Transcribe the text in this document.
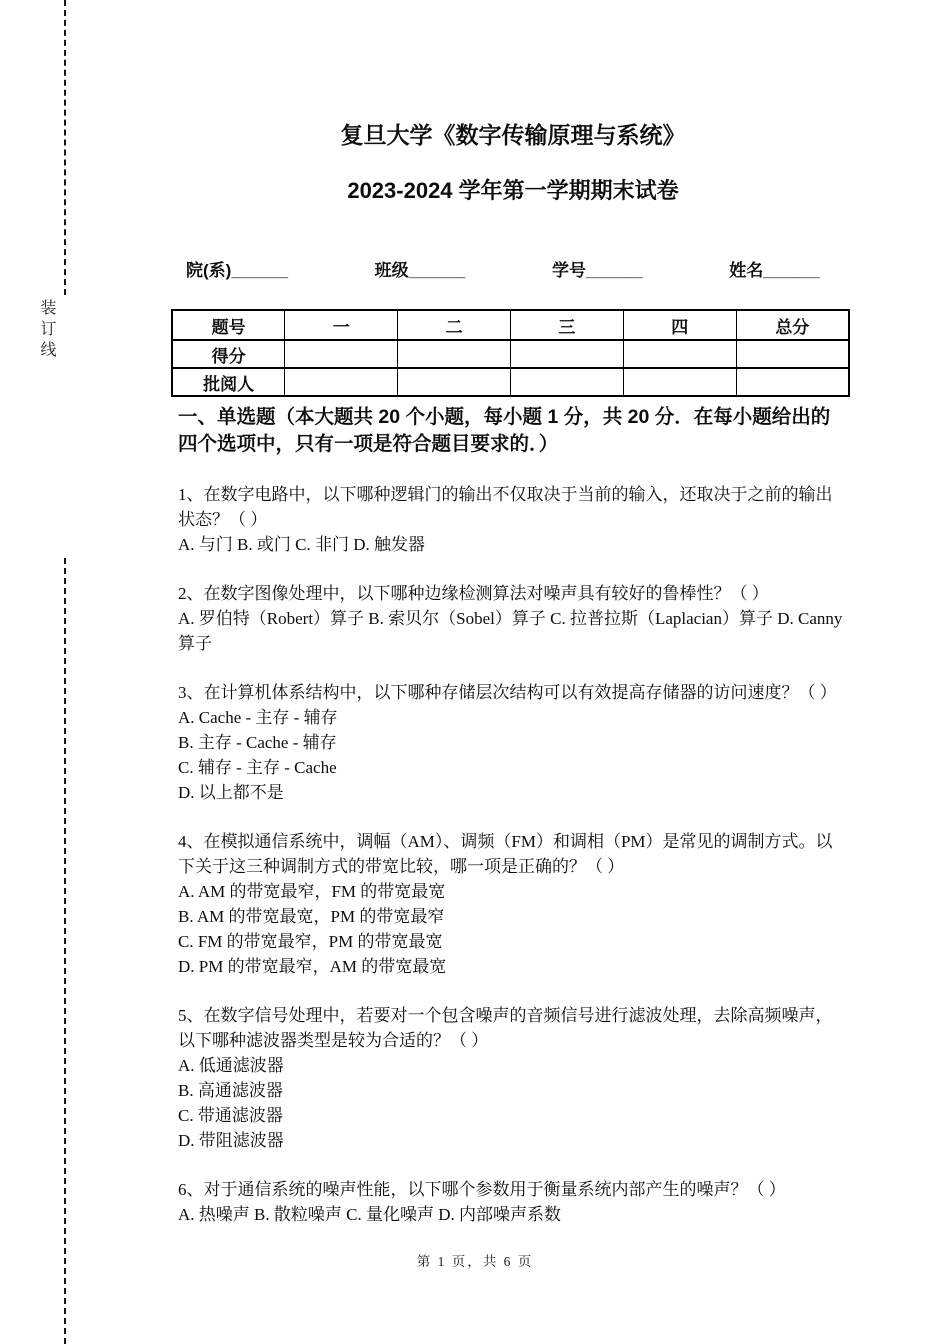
装订线
复旦大学《数字传输原理与系统》
2023-2024 学年第一学期期末试卷
院(系)______	班级______	学号______	姓名______
题号	一	二	三	四	总分
得分					
批阅人					
一、单选题（本大题共 20 个小题，每小题 1 分，共 20 分．在每小题给出的四个选项中，只有一项是符合题目要求的．）
1、在数字电路中，以下哪种逻辑门的输出不仅取决于当前的输入，还取决于之前的输出状态？（ ）
A. 与门 B. 或门 C. 非门 D. 触发器
2、在数字图像处理中，以下哪种边缘检测算法对噪声具有较好的鲁棒性？（ ）
A. 罗伯特（Robert）算子 B. 索贝尔（Sobel）算子 C. 拉普拉斯（Laplacian）算子 D. Canny 算子
3、在计算机体系结构中，以下哪种存储层次结构可以有效提高存储器的访问速度？（ ）
A. Cache - 主存 - 辅存
B. 主存 - Cache - 辅存
C. 辅存 - 主存 - Cache
D. 以上都不是
4、在模拟通信系统中，调幅（AM）、调频（FM）和调相（PM）是常见的调制方式。以下关于这三种调制方式的带宽比较，哪一项是正确的？（ ）
A. AM 的带宽最窄，FM 的带宽最宽
B. AM 的带宽最宽，PM 的带宽最窄
C. FM 的带宽最窄，PM 的带宽最宽
D. PM 的带宽最窄，AM 的带宽最宽
5、在数字信号处理中，若要对一个包含噪声的音频信号进行滤波处理，去除高频噪声，以下哪种滤波器类型是较为合适的？（ ）
A. 低通滤波器
B. 高通滤波器
C. 带通滤波器
D. 带阻滤波器
6、对于通信系统的噪声性能，以下哪个参数用于衡量系统内部产生的噪声？（ ）
A. 热噪声 B. 散粒噪声 C. 量化噪声 D. 内部噪声系数
第 1 页，共 6 页
